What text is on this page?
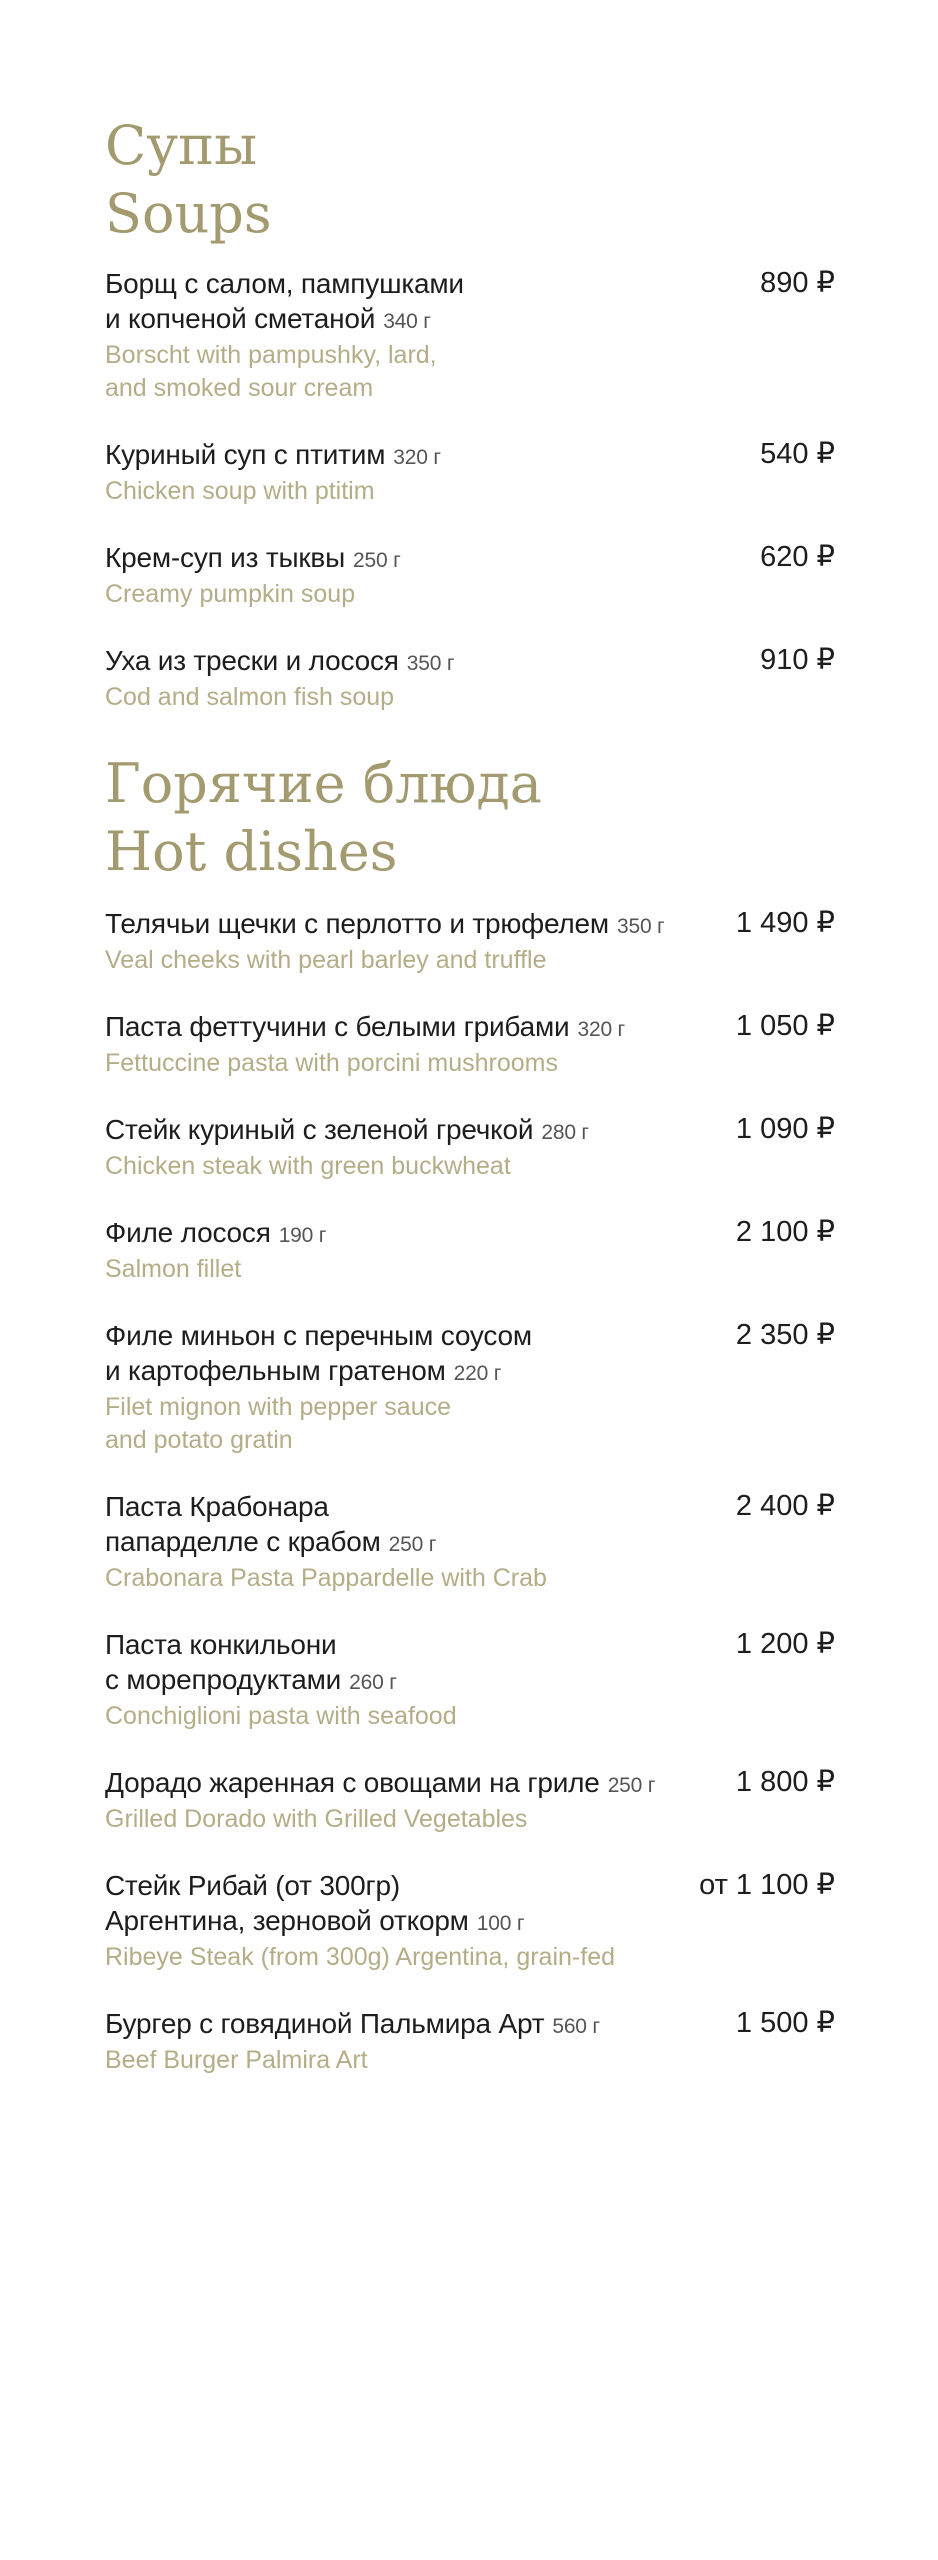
Супы
Soups
Борщ с салом, пампушками
и копченой сметаной 340 г
Borscht with pampushky, lard,
and smoked sour cream
890 ₽
Куриный суп с птитим 320 г
Chicken soup with ptitim
540 ₽
Крем-суп из тыквы 250 г
Creamy pumpkin soup
620 ₽
Уха из трески и лосося 350 г
Cod and salmon fish soup
910 ₽
Горячие блюда
Hot dishes
Телячьи щечки с перлотто и трюфелем 350 г
Veal cheeks with pearl barley and truffle
1 490 ₽
Паста феттучини с белыми грибами 320 г
Fettuccine pasta with porcini mushrooms
1 050 ₽
Стейк куриный с зеленой гречкой 280 г
Chicken steak with green buckwheat
1 090 ₽
Филе лосося 190 г
Salmon fillet
2 100 ₽
Филе миньон с перечным соусом
и картофельным гратеном 220 г
Filet mignon with pepper sauce
and potato gratin
2 350 ₽
Паста Крабонара
папарделле с крабом 250 г
Crabonara Pasta Pappardelle with Crab
2 400 ₽
Паста конкильони
с морепродуктами 260 г
Conchiglioni pasta with seafood
1 200 ₽
Дорадо жаренная с овощами на гриле 250 г
Grilled Dorado with Grilled Vegetables
1 800 ₽
Стейк Рибай (от 300гр)
Аргентина, зерновой откорм 100 г
Ribeye Steak (from 300g) Argentina, grain-fed
от 1 100 ₽
Бургер с говядиной Пальмира Арт 560 г
Beef Burger Palmira Art
1 500 ₽
